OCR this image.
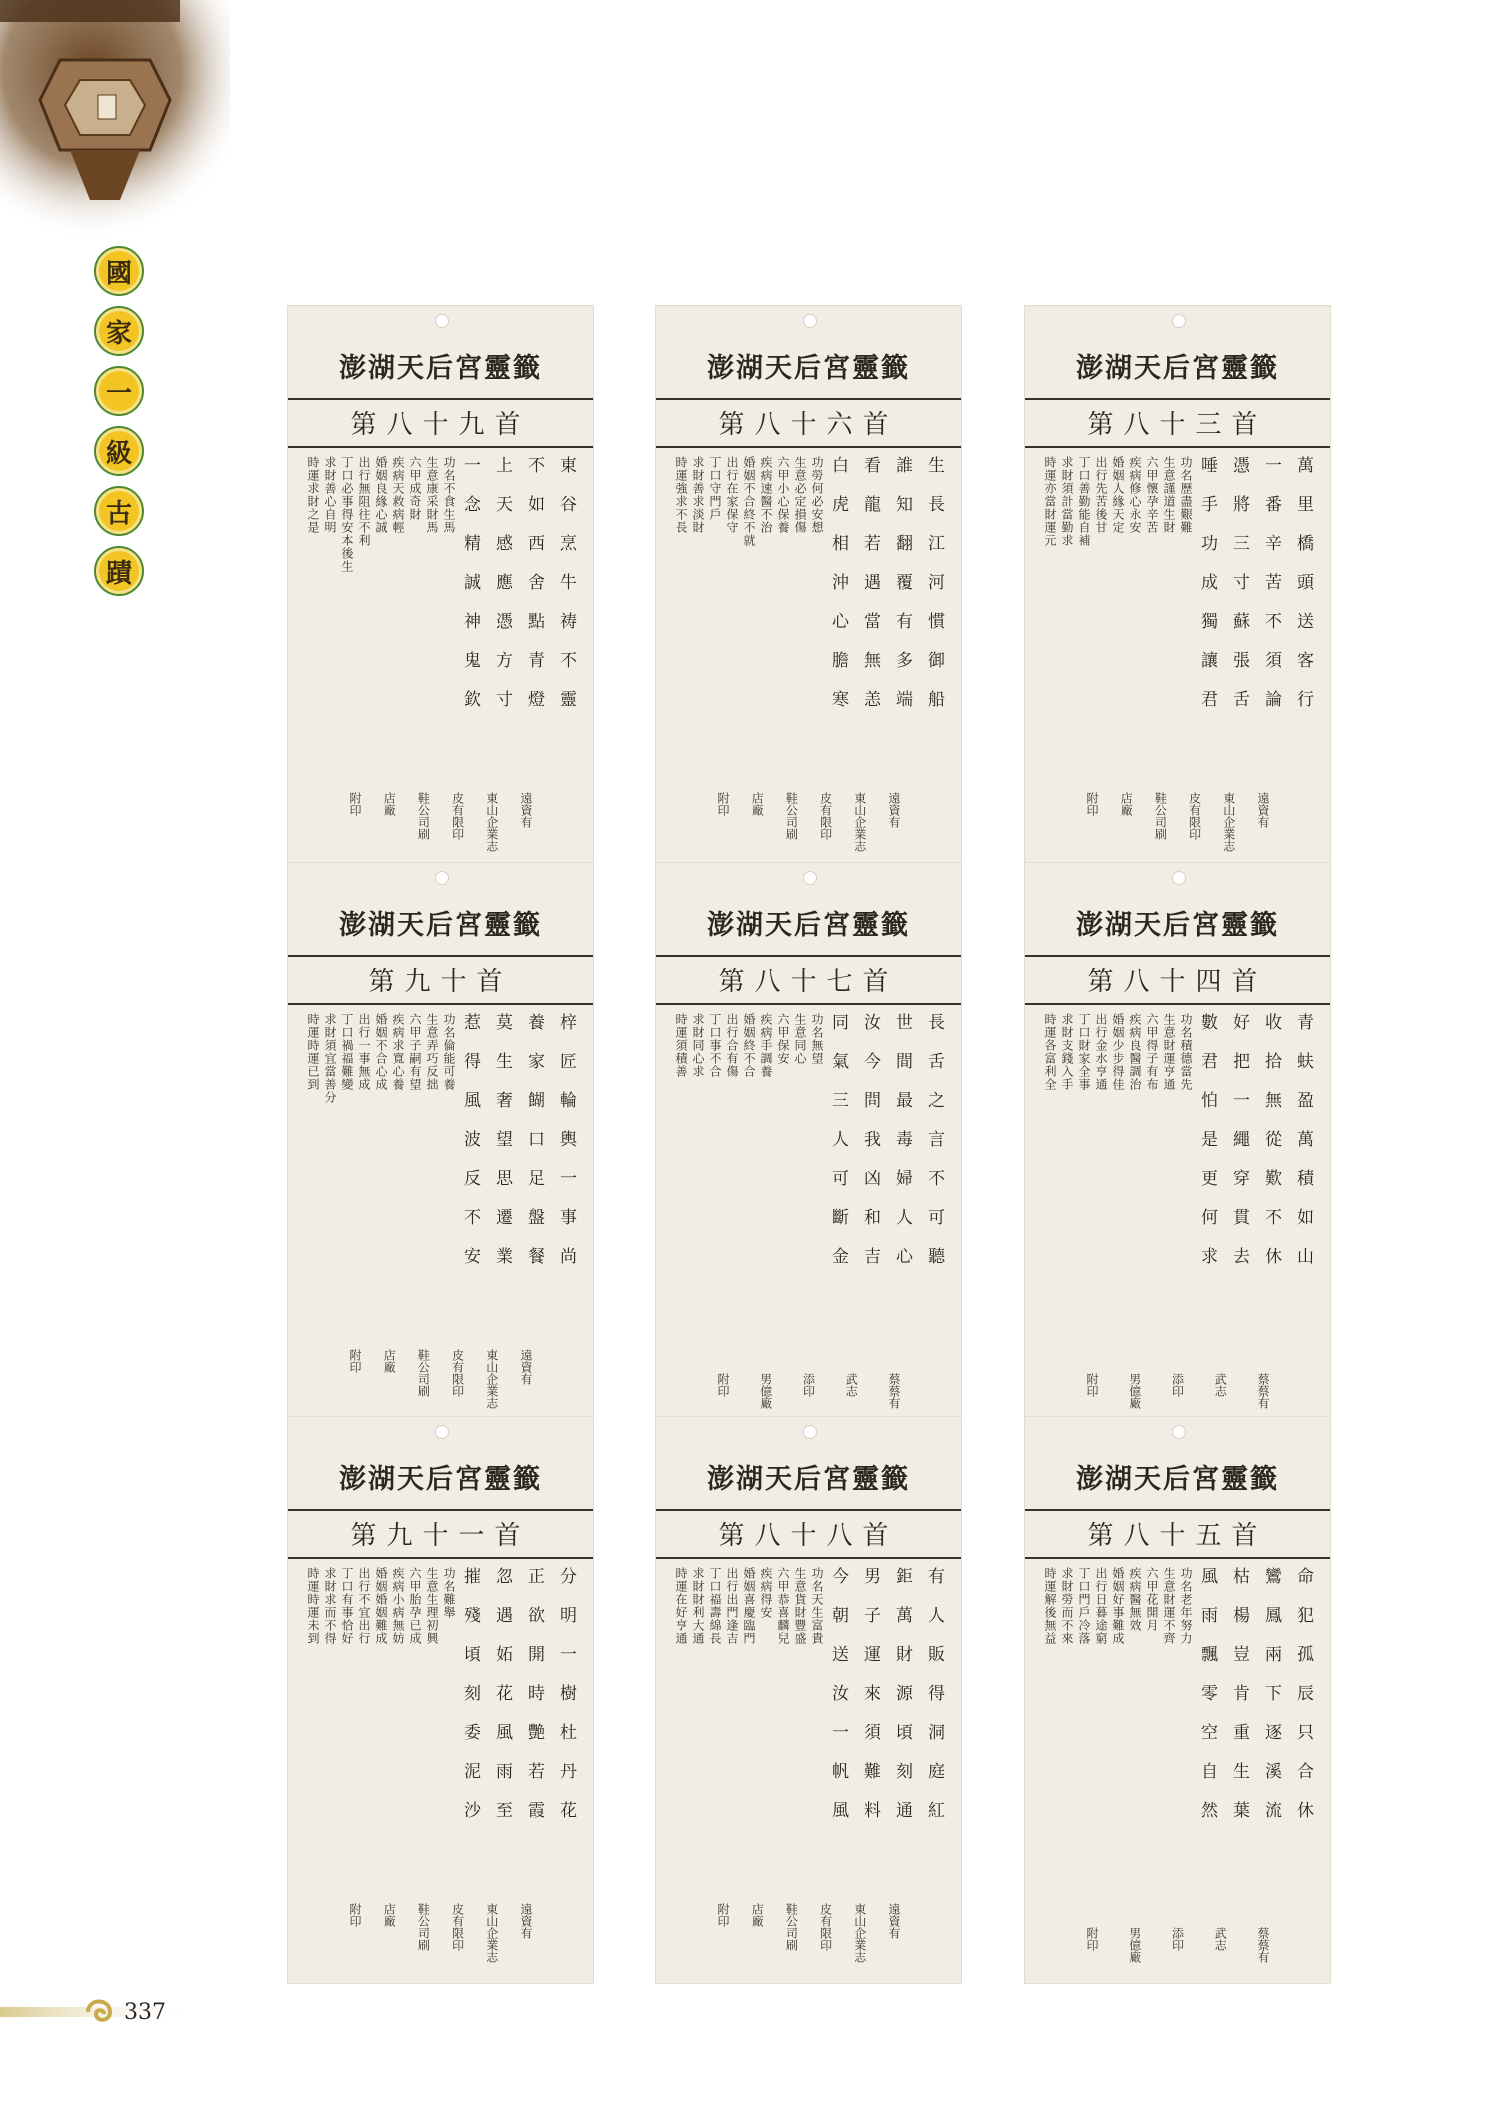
國
家
一
級
古
蹟
澎湖天后宮靈籤
第八十九首
東谷烹牛祷不靈
不如西舍點青燈
上天感應憑方寸
一念精誠神鬼欽
功名不食生馬
生意康采財馬
六甲成奇財
疾病天救病輕
婚姻良緣心誠
出行無阻往不利
丁口必事得安本後生
求財善心自明
時運求財之是
遠資有
東山企業志
皮有限印
鞋公司刷
店廠
附印
澎湖天后宮靈籤
第八十六首
生長江河慣御船
誰知翻覆有多端
看龍若遇當無恙
白虎相沖心膽寒
功勞何必安想
生意必定損傷
六甲小心保養
疾病速醫不治
婚姻不合終不就
出行在家保守
丁口守門戶
求財善求淡財
時運強求不長
遠資有
東山企業志
皮有限印
鞋公司刷
店廠
附印
澎湖天后宮靈籤
第八十三首
萬里橋頭送客行
一番辛苦不須論
憑將三寸蘇張舌
唾手功成獨讓君
功名歷盡艱難
生意謹道生財
六甲懷孕辛苦
疾病修心永安
婚姻人緣天定
出行先苦後甘
丁口善勤能自補
求財須計當勤求
時運亦當財運元
遠資有
東山企業志
皮有限印
鞋公司刷
店廠
附印
澎湖天后宮靈籤
第九十首
梓匠輪輿一事尚
養家餬口足盤餐
莫生奢望思遷業
惹得風波反不安
功名倫能可養
生意弄巧反拙
六甲子嗣有望
疾病求寬心養
婚姻不合心成
出行一事無成
丁口禍福難變
求財須宜當善分
時運時運已到
遠資有
東山企業志
皮有限印
鞋公司刷
店廠
附印
澎湖天后宮靈籤
第八十七首
長舌之言不可聽
世間最毒婦人心
汝今問我凶和吉
同氣三人可斷金
功名無望
生意同心
六甲保安
疾病手調養
婚姻終不合
出行合有傷
丁口事不合
求財同心求
時運須積善
蔡蔡有
武志
添印
男億廠
附印
澎湖天后宮靈籤
第八十四首
青蚨盈萬積如山
收拾無從歎不休
好把一繩穿貫去
數君怕是更何求
功名積德當先
生意財運亨通
六甲得子有布
疾病良醫調治
婚姻少步得佳
出行金水亨通
丁口財家全事
求財支錢入手
時運各富利全
蔡蔡有
武志
添印
男億廠
附印
澎湖天后宮靈籤
第九十一首
分明一樹杜丹花
正欲開時艷若霞
忽遇妬花風雨至
摧殘頃刻委泥沙
功名難舉
生意生理初興
六甲胎孕已成
疾病小病無妨
婚姻婚姻難成
出行不宜出行
丁口有事恰好
求財求而不得
時運時運未到
遠資有
東山企業志
皮有限印
鞋公司刷
店廠
附印
澎湖天后宮靈籤
第八十八首
有人販得洞庭紅
鉅萬財源頃刻通
男子運來須難料
今朝送汝一帆風
功名天生富貴
生意貨財豐盛
六甲恭喜麟兒
疾病得安
婚姻喜慶臨門
出行出門逢吉
丁口福壽綿長
求財財利大通
時運在好亨通
遠資有
東山企業志
皮有限印
鞋公司刷
店廠
附印
澎湖天后宮靈籤
第八十五首
命犯孤辰只合休
鸞鳳兩下逐溪流
枯楊豈肯重生葉
風雨飄零空自然
功名老年努力
生意財運不齊
六甲花開月
疾病醫無效
婚姻好事難成
出行日暮途窮
丁口門戶冷落
求財勞而不來
時運解後無益
蔡蔡有
武志
添印
男億廠
附印
337
